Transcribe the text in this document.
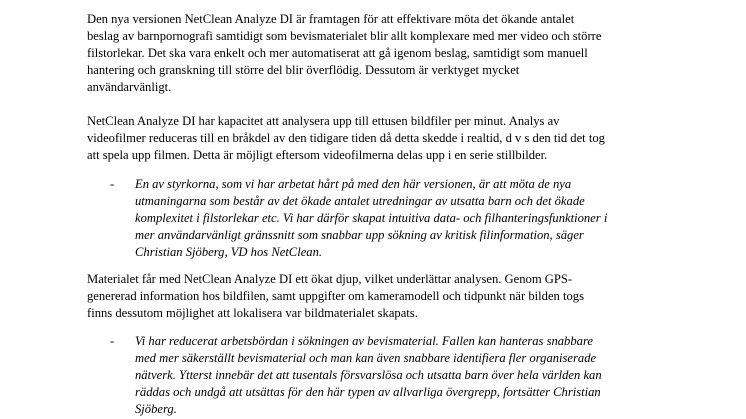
Den nya versionen NetClean Analyze DI är framtagen för att effektivare möta det ökande antalet
beslag av barnpornografi samtidigt som bevismaterialet blir allt komplexare med mer video och större
filstorlekar. Det ska vara enkelt och mer automatiserat att gå igenom beslag, samtidigt som manuell
hantering och granskning till större del blir överflödig. Dessutom är verktyget mycket
användarvänligt.

NetClean Analyze DI har kapacitet att analysera upp till ettusen bildfiler per minut. Analys av
videofilmer reduceras till en bråkdel av den tidigare tiden då detta skedde i realtid, d v s den tid det tog
att spela upp filmen. Detta är möjligt eftersom videofilmerna delas upp i en serie stillbilder.

- En av styrkorna, som vi har arbetat hårt på med den här versionen, är att möta de nya
utmaningarna som består av det ökade antalet utredningar av utsatta barn och det ökade
komplexitet i filstorlekar etc. Vi har därför skapat intuitiva data- och filhanteringsfunktioner i
mer användarvänligt gränssnitt som snabbar upp sökning av kritisk filinformation, säger
Christian Sjöberg, VD hos NetClean.

Materialet får med NetClean Analyze DI ett ökat djup, vilket underlättar analysen. Genom GPS-
genererad information hos bildfilen, samt uppgifter om kameramodell och tidpunkt när bilden togs
finns dessutom möjlighet att lokalisera var bildmaterialet skapats.

- Vi har reducerat arbetsbördan i sökningen av bevismaterial. Fallen kan hanteras snabbare
med mer säkerställt bevismaterial och man kan även snabbare identifiera fler organiserade
nätverk. Ytterst innebär det att tusentals försvarslösa och utsatta barn över hela världen kan
räddas och undgå att utsättas för den här typen av allvarliga övergrepp, fortsätter Christian
Sjöberg.
